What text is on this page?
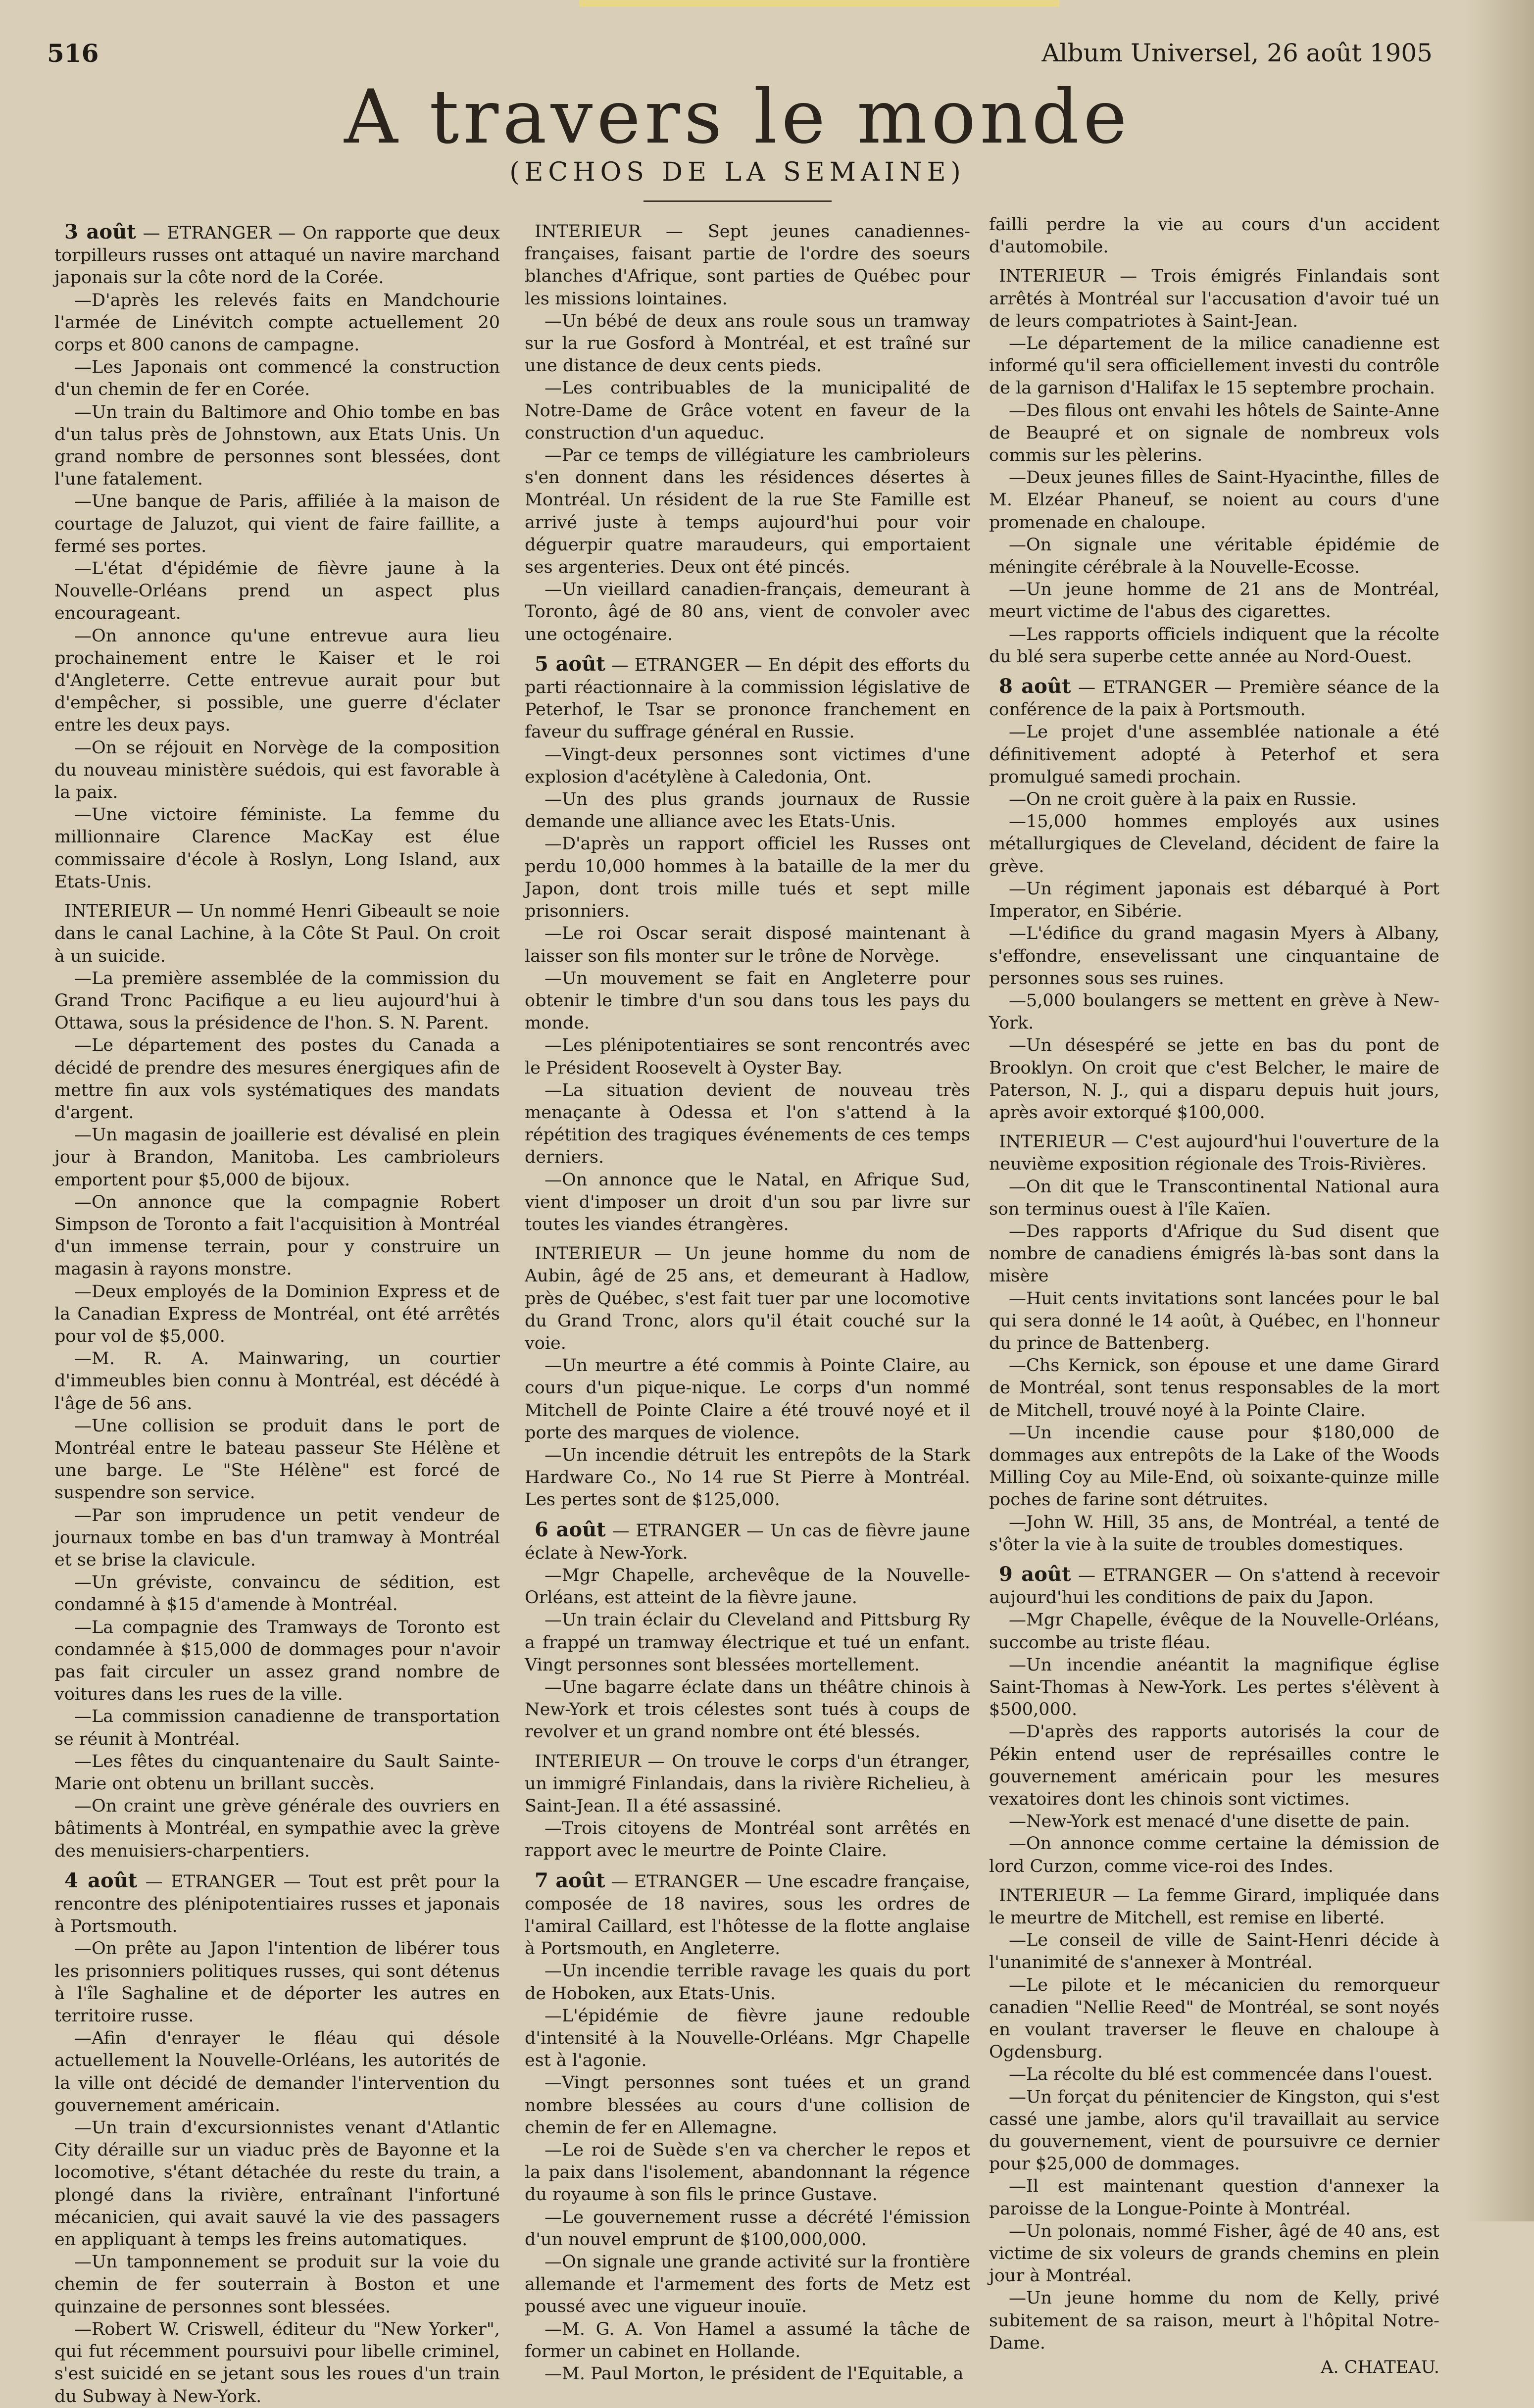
516	Album Universel, 26 août 1905
A travers le monde
(ECHOS DE LA SEMAINE)

3 août — ETRANGER — On rapporte que deux torpilleurs russes ont attaqué un navire marchand japonais sur la côte nord de la Corée.

—D'après les relevés faits en Mandchourie l'armée de Linévitch compte actuellement 20 corps et 800 canons de campagne.

—Les Japonais ont commencé la construction d'un chemin de fer en Corée.

—Un train du Baltimore and Ohio tombe en bas d'un talus près de Johnstown, aux Etats Unis. Un grand nombre de personnes sont blessées, dont l'une fatalement.

—Une banque de Paris, affiliée à la maison de courtage de Jaluzot, qui vient de faire faillite, a fermé ses portes.

—L'état d'épidémie de fièvre jaune à la Nouvelle-Orléans prend un aspect plus encourageant.

—On annonce qu'une entrevue aura lieu prochainement entre le Kaiser et le roi d'Angleterre. Cette entrevue aurait pour but d'empêcher, si possible, une guerre d'éclater entre les deux pays.

—On se réjouit en Norvège de la composition du nouveau ministère suédois, qui est favorable à la paix.

—Une victoire féministe. La femme du millionnaire Clarence MacKay est élue commissaire d'école à Roslyn, Long Island, aux Etats-Unis.

INTERIEUR — Un nommé Henri Gibeault se noie dans le canal Lachine, à la Côte St Paul. On croit à un suicide.

—La première assemblée de la commission du Grand Tronc Pacifique a eu lieu aujourd'hui à Ottawa, sous la présidence de l'hon. S. N. Parent.

—Le département des postes du Canada a décidé de prendre des mesures énergiques afin de mettre fin aux vols systématiques des mandats d'argent.

—Un magasin de joaillerie est dévalisé en plein jour à Brandon, Manitoba. Les cambrioleurs emportent pour $5,000 de bijoux.

—On annonce que la compagnie Robert Simpson de Toronto a fait l'acquisition à Montréal d'un immense terrain, pour y construire un magasin à rayons monstre.

—Deux employés de la Dominion Express et de la Canadian Express de Montréal, ont été arrêtés pour vol de $5,000.

—M. R. A. Mainwaring, un courtier d'immeubles bien connu à Montréal, est décédé à l'âge de 56 ans.

—Une collision se produit dans le port de Montréal entre le bateau passeur Ste Hélène et une barge. Le "Ste Hélène" est forcé de suspendre son service.

—Par son imprudence un petit vendeur de journaux tombe en bas d'un tramway à Montréal et se brise la clavicule.

—Un gréviste, convaincu de sédition, est condamné à $15 d'amende à Montréal.

—La compagnie des Tramways de Toronto est condamnée à $15,000 de dommages pour n'avoir pas fait circuler un assez grand nombre de voitures dans les rues de la ville.

—La commission canadienne de transportation se réunit à Montréal.

—Les fêtes du cinquantenaire du Sault Sainte-Marie ont obtenu un brillant succès.

—On craint une grève générale des ouvriers en bâtiments à Montréal, en sympathie avec la grève des menuisiers-charpentiers.

4 août — ETRANGER — Tout est prêt pour la rencontre des plénipotentiaires russes et japonais à Portsmouth.

—On prête au Japon l'intention de libérer tous les prisonniers politiques russes, qui sont détenus à l'île Saghaline et de déporter les autres en territoire russe.

—Afin d'enrayer le fléau qui désole actuellement la Nouvelle-Orléans, les autorités de la ville ont décidé de demander l'intervention du gouvernement américain.

—Un train d'excursionnistes venant d'Atlantic City déraille sur un viaduc près de Bayonne et la locomotive, s'étant détachée du reste du train, a plongé dans la rivière, entraînant l'infortuné mécanicien, qui avait sauvé la vie des passagers en appliquant à temps les freins automatiques.

—Un tamponnement se produit sur la voie du chemin de fer souterrain à Boston et une quinzaine de personnes sont blessées.

—Robert W. Criswell, éditeur du "New Yorker", qui fut récemment poursuivi pour libelle criminel, s'est suicidé en se jetant sous les roues d'un train du Subway à New-York.

INTERIEUR — Sept jeunes canadiennes-françaises, faisant partie de l'ordre des soeurs blanches d'Afrique, sont parties de Québec pour les missions lointaines.

—Un bébé de deux ans roule sous un tramway sur la rue Gosford à Montréal, et est traîné sur une distance de deux cents pieds.

—Les contribuables de la municipalité de Notre-Dame de Grâce votent en faveur de la construction d'un aqueduc.

—Par ce temps de villégiature les cambrioleurs s'en donnent dans les résidences désertes à Montréal. Un résident de la rue Ste Famille est arrivé juste à temps aujourd'hui pour voir déguerpir quatre maraudeurs, qui emportaient ses argenteries. Deux ont été pincés.

—Un vieillard canadien-français, demeurant à Toronto, âgé de 80 ans, vient de convoler avec une octogénaire.

5 août — ETRANGER — En dépit des efforts du parti réactionnaire à la commission législative de Peterhof, le Tsar se prononce franchement en faveur du suffrage général en Russie.

—Vingt-deux personnes sont victimes d'une explosion d'acétylène à Caledonia, Ont.

—Un des plus grands journaux de Russie demande une alliance avec les Etats-Unis.

—D'après un rapport officiel les Russes ont perdu 10,000 hommes à la bataille de la mer du Japon, dont trois mille tués et sept mille prisonniers.

—Le roi Oscar serait disposé maintenant à laisser son fils monter sur le trône de Norvège.

—Un mouvement se fait en Angleterre pour obtenir le timbre d'un sou dans tous les pays du monde.

—Les plénipotentiaires se sont rencontrés avec le Président Roosevelt à Oyster Bay.

—La situation devient de nouveau très menaçante à Odessa et l'on s'attend à la répétition des tragiques événements de ces temps derniers.

—On annonce que le Natal, en Afrique Sud, vient d'imposer un droit d'un sou par livre sur toutes les viandes étrangères.

INTERIEUR — Un jeune homme du nom de Aubin, âgé de 25 ans, et demeurant à Hadlow, près de Québec, s'est fait tuer par une locomotive du Grand Tronc, alors qu'il était couché sur la voie.

—Un meurtre a été commis à Pointe Claire, au cours d'un pique-nique. Le corps d'un nommé Mitchell de Pointe Claire a été trouvé noyé et il porte des marques de violence.

—Un incendie détruit les entrepôts de la Stark Hardware Co., No 14 rue St Pierre à Montréal. Les pertes sont de $125,000.

6 août — ETRANGER — Un cas de fièvre jaune éclate à New-York.

—Mgr Chapelle, archevêque de la Nouvelle-Orléans, est atteint de la fièvre jaune.

—Un train éclair du Cleveland and Pittsburg Ry a frappé un tramway électrique et tué un enfant. Vingt personnes sont blessées mortellement.

—Une bagarre éclate dans un théâtre chinois à New-York et trois célestes sont tués à coups de revolver et un grand nombre ont été blessés.

INTERIEUR — On trouve le corps d'un étranger, un immigré Finlandais, dans la rivière Richelieu, à Saint-Jean. Il a été assassiné.

—Trois citoyens de Montréal sont arrêtés en rapport avec le meurtre de Pointe Claire.

7 août — ETRANGER — Une escadre française, composée de 18 navires, sous les ordres de l'amiral Caillard, est l'hôtesse de la flotte anglaise à Portsmouth, en Angleterre.

—Un incendie terrible ravage les quais du port de Hoboken, aux Etats-Unis.

—L'épidémie de fièvre jaune redouble d'intensité à la Nouvelle-Orléans. Mgr Chapelle est à l'agonie.

—Vingt personnes sont tuées et un grand nombre blessées au cours d'une collision de chemin de fer en Allemagne.

—Le roi de Suède s'en va chercher le repos et la paix dans l'isolement, abandonnant la régence du royaume à son fils le prince Gustave.

—Le gouvernement russe a décrété l'émission d'un nouvel emprunt de $100,000,000.

—On signale une grande activité sur la frontière allemande et l'armement des forts de Metz est poussé avec une vigueur inouïe.

—M. G. A. Von Hamel a assumé la tâche de former un cabinet en Hollande.

—M. Paul Morton, le président de l'Equitable, a

failli perdre la vie au cours d'un accident d'automobile.

INTERIEUR — Trois émigrés Finlandais sont arrêtés à Montréal sur l'accusation d'avoir tué un de leurs compatriotes à Saint-Jean.

—Le département de la milice canadienne est informé qu'il sera officiellement investi du contrôle de la garnison d'Halifax le 15 septembre prochain.

—Des filous ont envahi les hôtels de Sainte-Anne de Beaupré et on signale de nombreux vols commis sur les pèlerins.

—Deux jeunes filles de Saint-Hyacinthe, filles de M. Elzéar Phaneuf, se noient au cours d'une promenade en chaloupe.

—On signale une véritable épidémie de méningite cérébrale à la Nouvelle-Ecosse.

—Un jeune homme de 21 ans de Montréal, meurt victime de l'abus des cigarettes.

—Les rapports officiels indiquent que la récolte du blé sera superbe cette année au Nord-Ouest.

8 août — ETRANGER — Première séance de la conférence de la paix à Portsmouth.

—Le projet d'une assemblée nationale a été définitivement adopté à Peterhof et sera promulgué samedi prochain.

—On ne croit guère à la paix en Russie.

—15,000 hommes employés aux usines métallurgiques de Cleveland, décident de faire la grève.

—Un régiment japonais est débarqué à Port Imperator, en Sibérie.

—L'édifice du grand magasin Myers à Albany, s'effondre, ensevelissant une cinquantaine de personnes sous ses ruines.

—5,000 boulangers se mettent en grève à New-York.

—Un désespéré se jette en bas du pont de Brooklyn. On croit que c'est Belcher, le maire de Paterson, N. J., qui a disparu depuis huit jours, après avoir extorqué $100,000.

INTERIEUR — C'est aujourd'hui l'ouverture de la neuvième exposition régionale des Trois-Rivières.

—On dit que le Transcontinental National aura son terminus ouest à l'île Kaïen.

—Des rapports d'Afrique du Sud disent que nombre de canadiens émigrés là-bas sont dans la misère

—Huit cents invitations sont lancées pour le bal qui sera donné le 14 août, à Québec, en l'honneur du prince de Battenberg.

—Chs Kernick, son épouse et une dame Girard de Montréal, sont tenus responsables de la mort de Mitchell, trouvé noyé à la Pointe Claire.

—Un incendie cause pour $180,000 de dommages aux entrepôts de la Lake of the Woods Milling Coy au Mile-End, où soixante-quinze mille poches de farine sont détruites.

—John W. Hill, 35 ans, de Montréal, a tenté de s'ôter la vie à la suite de troubles domestiques.

9 août — ETRANGER — On s'attend à recevoir aujourd'hui les conditions de paix du Japon.

—Mgr Chapelle, évêque de la Nouvelle-Orléans, succombe au triste fléau.

—Un incendie anéantit la magnifique église Saint-Thomas à New-York. Les pertes s'élèvent à $500,000.

—D'après des rapports autorisés la cour de Pékin entend user de représailles contre le gouvernement américain pour les mesures vexatoires dont les chinois sont victimes.

—New-York est menacé d'une disette de pain.

—On annonce comme certaine la démission de lord Curzon, comme vice-roi des Indes.

INTERIEUR — La femme Girard, impliquée dans le meurtre de Mitchell, est remise en liberté.

—Le conseil de ville de Saint-Henri décide à l'unanimité de s'annexer à Montréal.

—Le pilote et le mécanicien du remorqueur canadien "Nellie Reed" de Montréal, se sont noyés en voulant traverser le fleuve en chaloupe à Ogdensburg.

—La récolte du blé est commencée dans l'ouest.

—Un forçat du pénitencier de Kingston, qui s'est cassé une jambe, alors qu'il travaillait au service du gouvernement, vient de poursuivre ce dernier pour $25,000 de dommages.

—Il est maintenant question d'annexer la paroisse de la Longue-Pointe à Montréal.

—Un polonais, nommé Fisher, âgé de 40 ans, est victime de six voleurs de grands chemins en plein jour à Montréal.

—Un jeune homme du nom de Kelly, privé subitement de sa raison, meurt à l'hôpital Notre-Dame.

A. CHATEAU.
